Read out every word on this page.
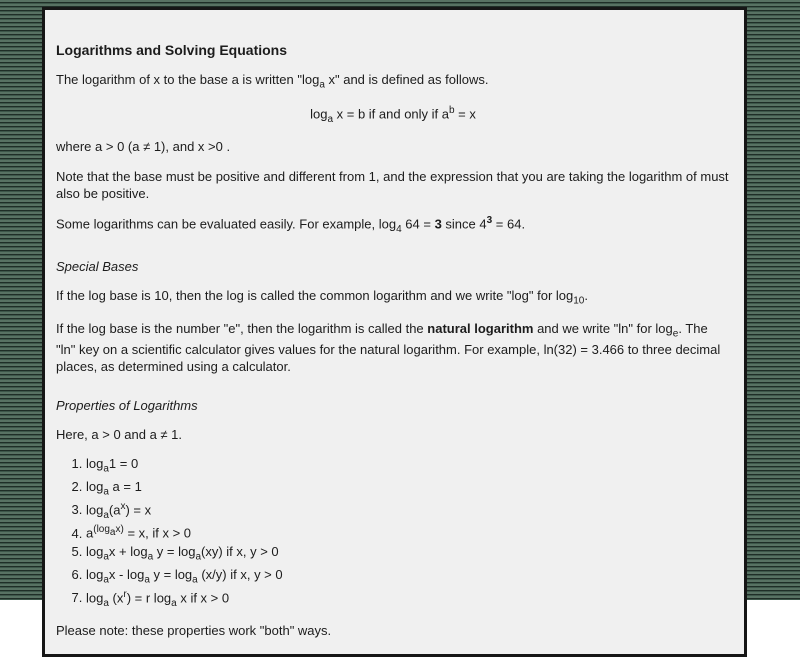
Logarithms and Solving Equations

The logarithm of x to the base a is written "$\log_a$ x" and is defined as follows.

$\log_a x = b$ if and only if $a^b = x$

where a > 0 (a ≠ 1), and x >0 .

Note that the base must be positive and different from 1, and the expression that you are taking the logarithm of must also be positive.

Some logarithms can be evaluated easily. For example, $\log_4 64 = 3$ since $4^3 = 64$.

Special Bases

If the log base is 10, then the log is called the common logarithm and we write "log" for $\log_{10}$.

If the log base is the number "e", then the logarithm is called the natural logarithm and we write "ln" for $\log_e$. The "ln" key on a scientific calculator gives values for the natural logarithm. For example, ln(32) = 3.466 to three decimal places, as determined using a calculator.

Properties of Logarithms

Here, a > 0 and a ≠ 1.

1. $\log_a1 = 0$
2. $\log_a a = 1$
3. $\log_a(a^x) = x$
4. $a^{(log_ax)} = x$, if x > 0
5. $\log_ax + \log_a y = \log_a(xy)$ if x, y > 0
6. $\log_ax - \log_a y = \log_a (x/y)$ if x, y > 0
7. $\log_a (x^r) = r$ $\log_a x$ if x > 0

Please note: these properties work "both" ways.
